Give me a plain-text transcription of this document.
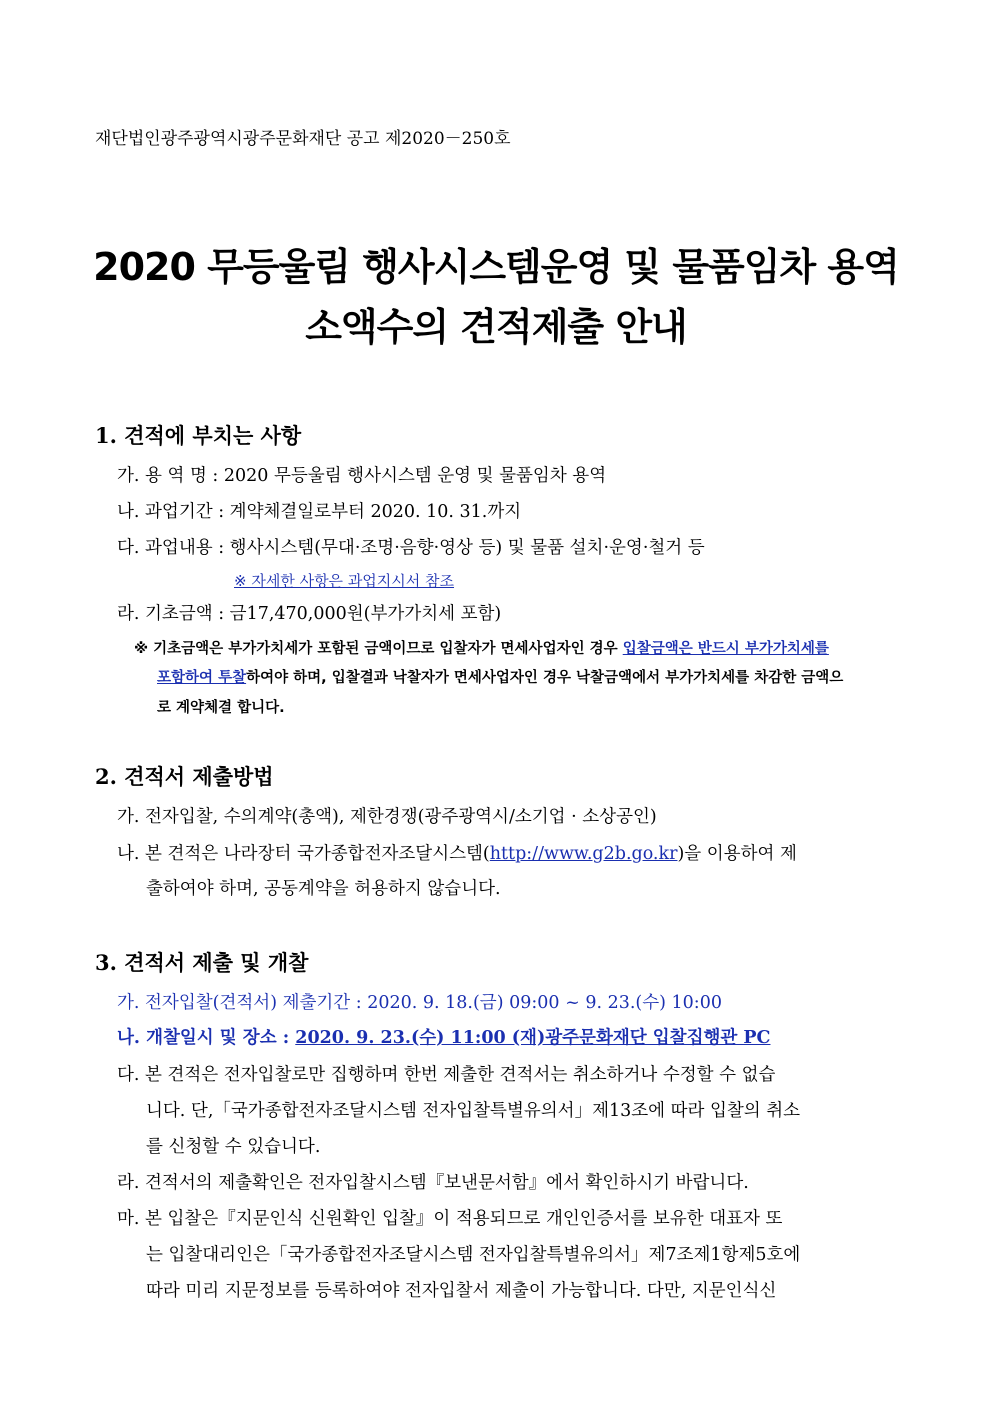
재단법인광주광역시광주문화재단 공고 제2020－250호
2020 무등울림 행사시스템운영 및 물품임차 용역
소액수의 견적제출 안내
1. 견적에 부치는 사항
가. 용 역 명 : 2020 무등울림 행사시스템 운영 및 물품임차 용역
나. 과업기간 : 계약체결일로부터 2020. 10. 31.까지
다. 과업내용 : 행사시스템(무대·조명·음향·영상 등) 및 물품 설치·운영·철거 등
※ 자세한 사항은 과업지시서 참조
라. 기초금액 : 금17,470,000원(부가가치세 포함)
※ 기초금액은 부가가치세가 포함된 금액이므로 입찰자가 면세사업자인 경우 입찰금액은 반드시 부가가치세를
포함하여 투찰하여야 하며, 입찰결과 낙찰자가 면세사업자인 경우 낙찰금액에서 부가가치세를 차감한 금액으
로 계약체결 합니다.
2. 견적서 제출방법
가. 전자입찰, 수의계약(총액), 제한경쟁(광주광역시/소기업 · 소상공인)
나. 본 견적은 나라장터 국가종합전자조달시스템(http://www.g2b.go.kr)을 이용하여 제
출하여야 하며, 공동계약을 허용하지 않습니다.
3. 견적서 제출 및 개찰
가. 전자입찰(견적서) 제출기간 : 2020. 9. 18.(금) 09:00 ~ 9. 23.(수) 10:00
나. 개찰일시 및 장소 : 2020. 9. 23.(수) 11:00 (재)광주문화재단 입찰집행관 PC
다. 본 견적은 전자입찰로만 집행하며 한번 제출한 견적서는 취소하거나 수정할 수 없습
니다. 단,「국가종합전자조달시스템 전자입찰특별유의서」제13조에 따라 입찰의 취소
를 신청할 수 있습니다.
라. 견적서의 제출확인은 전자입찰시스템『보낸문서함』에서 확인하시기 바랍니다.
마. 본 입찰은『지문인식 신원확인 입찰』이 적용되므로 개인인증서를 보유한 대표자 또
는 입찰대리인은「국가종합전자조달시스템 전자입찰특별유의서」제7조제1항제5호에
따라 미리 지문정보를 등록하여야 전자입찰서 제출이 가능합니다. 다만, 지문인식신
